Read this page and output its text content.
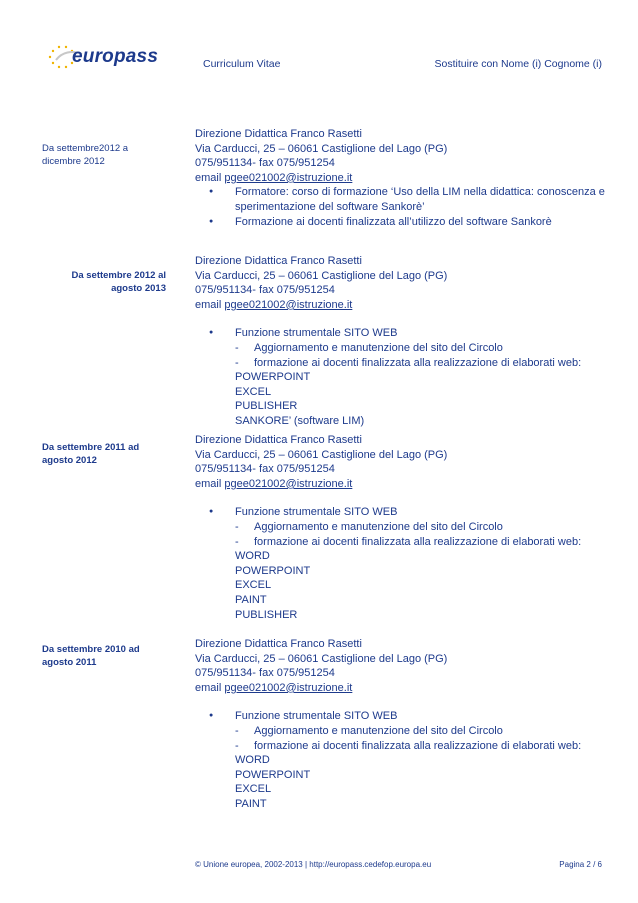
europass	Curriculum Vitae	Sostituire con Nome (i) Cognome (i)
Da settembre2012 a dicembre 2012
Direzione Didattica Franco Rasetti
Via Carducci, 25 – 06061 Castiglione del Lago (PG)
075/951134- fax 075/951254
email pgee021002@istruzione.it
● Formatore: corso di formazione ‘Uso della LIM nella didattica: conoscenza e sperimentazione del software Sankorè’
● Formazione ai docenti finalizzata all’utilizzo del software Sankorè
Da settembre 2012 al agosto 2013
Direzione Didattica Franco Rasetti
Via Carducci, 25 – 06061 Castiglione del Lago (PG)
075/951134- fax 075/951254
email pgee021002@istruzione.it
● Funzione strumentale SITO WEB
- Aggiornamento e manutenzione del sito del Circolo
- formazione ai docenti finalizzata alla realizzazione di elaborati web:
POWERPOINT
EXCEL
PUBLISHER
SANKORE’ (software LIM)
Da settembre 2011 ad agosto 2012
Direzione Didattica Franco Rasetti
Via Carducci, 25 – 06061 Castiglione del Lago (PG)
075/951134- fax 075/951254
email pgee021002@istruzione.it
● Funzione strumentale SITO WEB
- Aggiornamento e manutenzione del sito del Circolo
- formazione ai docenti finalizzata alla realizzazione di elaborati web:
WORD
POWERPOINT
EXCEL
PAINT
PUBLISHER
Da settembre 2010 ad agosto 2011
Direzione Didattica Franco Rasetti
Via Carducci, 25 – 06061 Castiglione del Lago (PG)
075/951134- fax 075/951254
email pgee021002@istruzione.it
● Funzione strumentale SITO WEB
- Aggiornamento e manutenzione del sito del Circolo
- formazione ai docenti finalizzata alla realizzazione di elaborati web:
WORD
POWERPOINT
EXCEL
PAINT
© Unione europea, 2002-2013 | http://europass.cedefop.europa.eu	Pagina 2 / 6
